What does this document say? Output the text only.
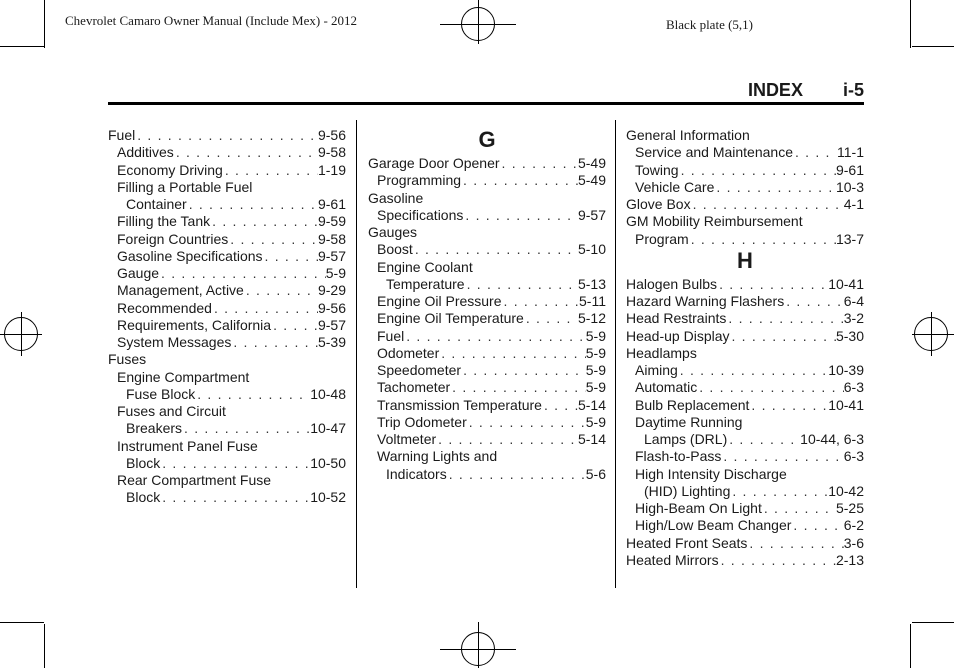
Chevrolet Camaro Owner Manual (Include Mex) - 2012	Black plate (5,1)
INDEX i-5
Fuel . . .	9-56
Additives . . .	9-58
Economy Driving . . .	1-19
Filling a Portable Fuel
Container . . .	9-61
Filling the Tank . . .	9-59
Foreign Countries . . .	9-58
Gasoline Specifications . . .	9-57
Gauge . . .	5-9
Management, Active . . .	9-29
Recommended . . .	9-56
Requirements, California . . .	9-57
System Messages . . .	5-39
Fuses
Engine Compartment
Fuse Block . . .	10-48
Fuses and Circuit
Breakers . . .	10-47
Instrument Panel Fuse
Block . . .	10-50
Rear Compartment Fuse
Block . . .	10-52
G
Garage Door Opener . . .	5-49
Programming . . .	5-49
Gasoline
Specifications . . .	9-57
Gauges
Boost . . .	5-10
Engine Coolant
Temperature . . .	5-13
Engine Oil Pressure . . .	5-11
Engine Oil Temperature . . .	5-12
Fuel . . .	5-9
Odometer . . .	5-9
Speedometer . . .	5-9
Tachometer . . .	5-9
Transmission Temperature . . .	5-14
Trip Odometer . . .	5-9
Voltmeter . . .	5-14
Warning Lights and
Indicators . . .	5-6
General Information
Service and Maintenance . . .	11-1
Towing . . .	9-61
Vehicle Care . . .	10-3
Glove Box . . .	4-1
GM Mobility Reimbursement
Program . . .	13-7
H
Halogen Bulbs . . .	10-41
Hazard Warning Flashers . . .	6-4
Head Restraints . . .	3-2
Head-up Display . . .	5-30
Headlamps
Aiming . . .	10-39
Automatic . . .	6-3
Bulb Replacement . . .	10-41
Daytime Running
Lamps (DRL) . . .	10-44, 6-3
Flash-to-Pass . . .	6-3
High Intensity Discharge
(HID) Lighting . . .	10-42
High-Beam On Light . . .	5-25
High/Low Beam Changer . . .	6-2
Heated Front Seats . . .	3-6
Heated Mirrors . . .	2-13
